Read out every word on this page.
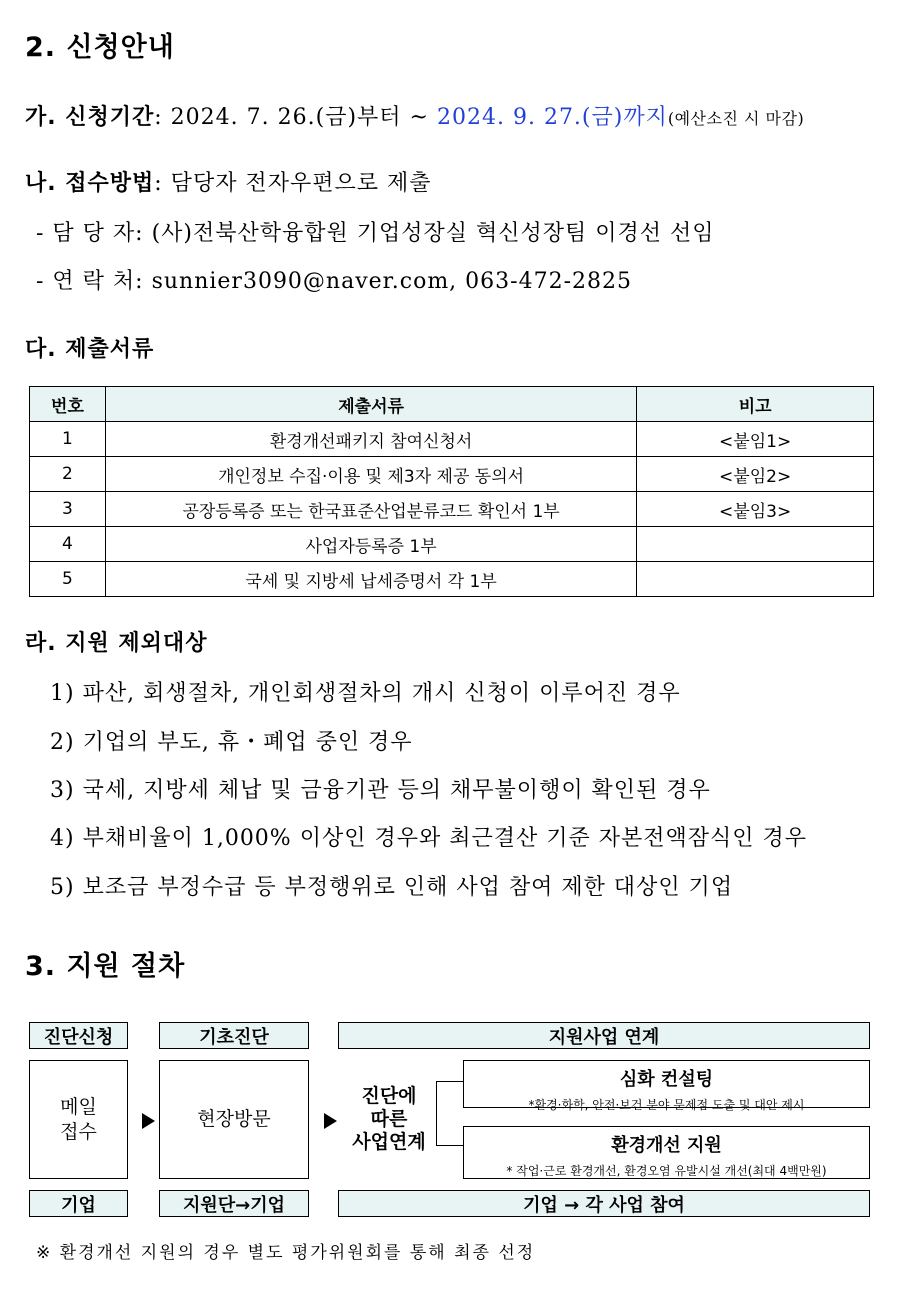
2. 신청안내
가. 신청기간: 2024. 7. 26.(금)부터 ~ 2024. 9. 27.(금)까지(예산소진 시 마감)
나. 접수방법: 담당자 전자우편으로 제출
- 담 당 자: (사)전북산학융합원 기업성장실 혁신성장팀 이경선 선임
- 연 락 처: sunnier3090@naver.com, 063-472-2825
다. 제출서류
번호	제출서류	비고
1	환경개선패키지 참여신청서	<붙임1>
2	개인정보 수집·이용 및 제3자 제공 동의서	<붙임2>
3	공장등록증 또는 한국표준산업분류코드 확인서 1부	<붙임3>
4	사업자등록증 1부	
5	국세 및 지방세 납세증명서 각 1부	
라. 지원 제외대상
1) 파산, 회생절차, 개인회생절차의 개시 신청이 이루어진 경우
2) 기업의 부도, 휴・폐업 중인 경우
3) 국세, 지방세 체납 및 금융기관 등의 채무불이행이 확인된 경우
4) 부채비율이 1,000% 이상인 경우와 최근결산 기준 자본전액잠식인 경우
5) 보조금 부정수급 등 부정행위로 인해 사업 참여 제한 대상인 기업
3. 지원 절차
진단신청
메일
접수
기업
기초진단
현장방문
지원단→기업
지원사업 연계
진단에
따른
사업연계
심화 컨설팅
*환경·화학, 안전·보건 분야 문제점 도출 및 대안 제시
환경개선 지원
* 작업·근로 환경개선, 환경오염 유발시설 개선(최대 4백만원)
기업 → 각 사업 참여
※ 환경개선 지원의 경우 별도 평가위원회를 통해 최종 선정
